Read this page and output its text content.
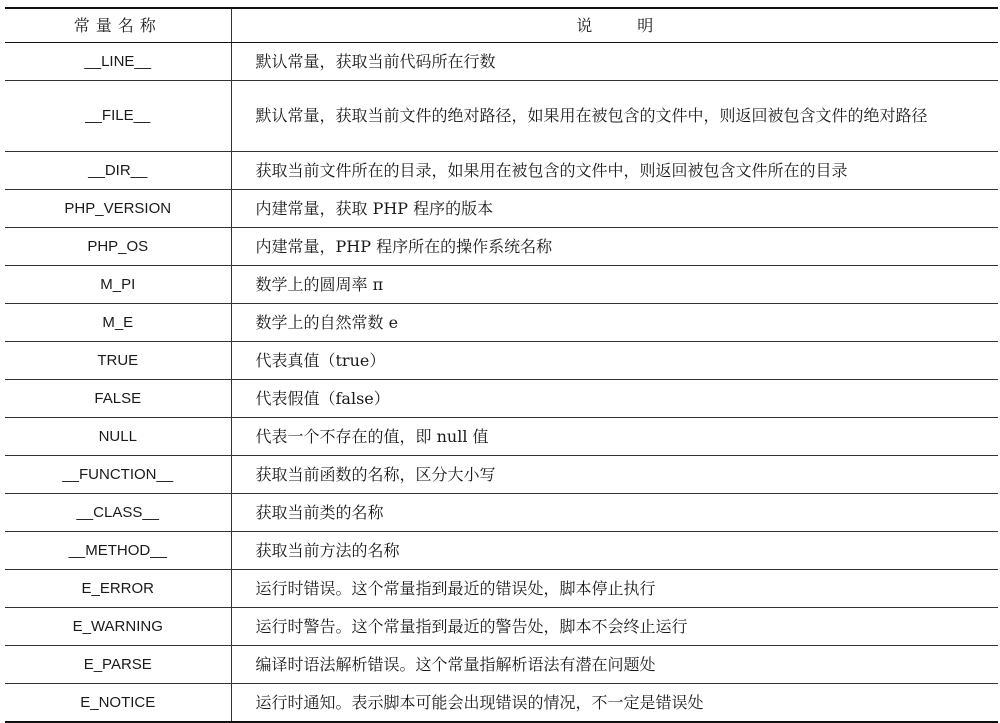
常量名称	说 明
__LINE__	默认常量，获取当前代码所在行数
__FILE__	默认常量，获取当前文件的绝对路径，如果用在被包含的文件中，则返回被包含文件的绝对路径
__DIR__	获取当前文件所在的目录，如果用在被包含的文件中，则返回被包含文件所在的目录
PHP_VERSION	内建常量，获取 PHP 程序的版本
PHP_OS	内建常量，PHP 程序所在的操作系统名称
M_PI	数学上的圆周率 π
M_E	数学上的自然常数 e
TRUE	代表真值（true）
FALSE	代表假值（false）
NULL	代表一个不存在的值，即 null 值
__FUNCTION__	获取当前函数的名称，区分大小写
__CLASS__	获取当前类的名称
__METHOD__	获取当前方法的名称
E_ERROR	运行时错误。这个常量指到最近的错误处，脚本停止执行
E_WARNING	运行时警告。这个常量指到最近的警告处，脚本不会终止运行
E_PARSE	编译时语法解析错误。这个常量指解析语法有潜在问题处
E_NOTICE	运行时通知。表示脚本可能会出现错误的情况，不一定是错误处
